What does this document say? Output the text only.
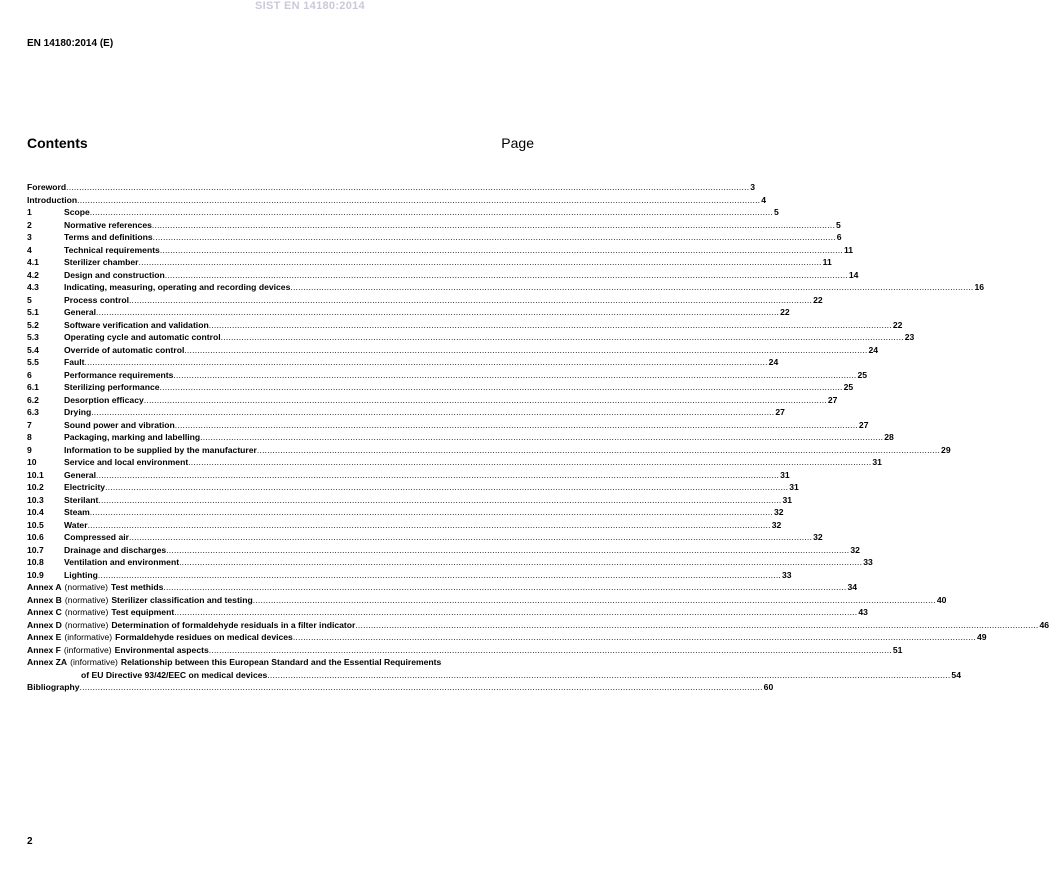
SIST EN 14180:2014
EN 14180:2014 (E)
Contents	Page
Foreword .....	3
Introduction .....	4
1	Scope .....	5
2	Normative references .....	5
3	Terms and definitions .....	6
4	Technical requirements .....	11
4.1	Sterilizer chamber .....	11
4.2	Design and construction .....	14
4.3	Indicating, measuring, operating and recording devices .....	16
5	Process control .....	22
5.1	General .....	22
5.2	Software verification and validation .....	22
5.3	Operating cycle and automatic control .....	23
5.4	Override of automatic control .....	24
5.5	Fault .....	24
6	Performance requirements .....	25
6.1	Sterilizing performance .....	25
6.2	Desorption efficacy .....	27
6.3	Drying .....	27
7	Sound power and vibration .....	27
8	Packaging, marking and labelling .....	28
9	Information to be supplied by the manufacturer .....	29
10	Service and local environment .....	31
10.1	General .....	31
10.2	Electricity .....	31
10.3	Sterilant .....	31
10.4	Steam .....	32
10.5	Water .....	32
10.6	Compressed air .....	32
10.7	Drainage and discharges .....	32
10.8	Ventilation and environment .....	33
10.9	Lighting .....	33
Annex A (normative) Test methids .....	34
Annex B (normative) Sterilizer classification and testing .....	40
Annex C (normative) Test equipment .....	43
Annex D (normative) Determination of formaldehyde residuals in a filter indicator .....	46
Annex E (informative) Formaldehyde residues on medical devices .....	49
Annex F (informative) Environmental aspects .....	51
Annex ZA (informative) Relationship between this European Standard and the Essential Requirements
of EU Directive 93/42/EEC on medical devices .....	54
Bibliography .....	60
2
